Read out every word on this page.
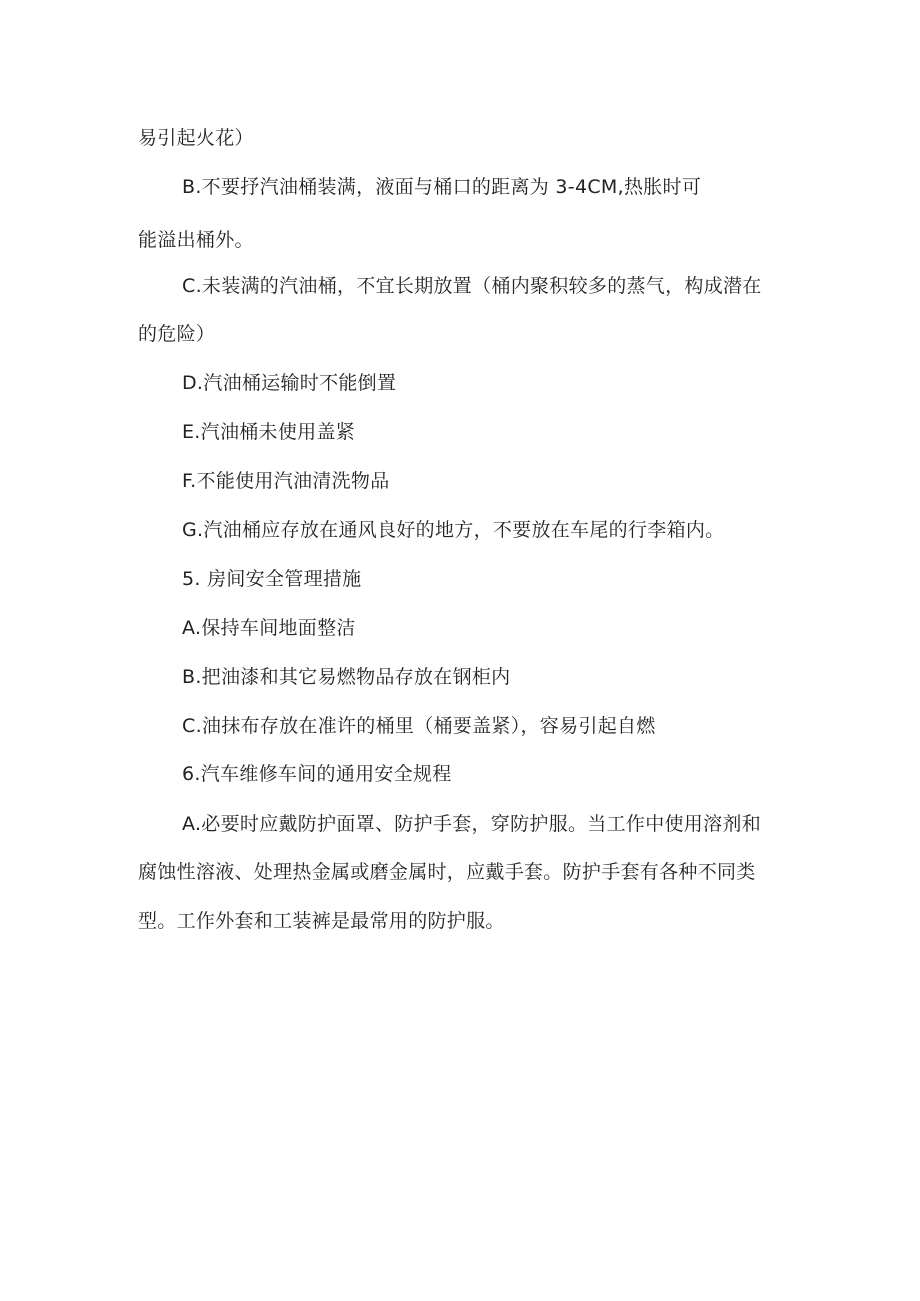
易引起火花）
B.不要抒汽油桶装满，液面与桶口的距离为 3-4CM,热胀时可
能溢出桶外。
C.未装满的汽油桶，不宜长期放置（桶内聚积较多的蒸气，构成潜在
的危险）
D.汽油桶运输时不能倒置
E.汽油桶未使用盖紧
F.不能使用汽油清洗物品
G.汽油桶应存放在通风良好的地方，不要放在车尾的行李箱内。
5. 房间安全管理措施
A.保持车间地面整洁
B.把油漆和其它易燃物品存放在钢柜内
C.油抹布存放在准许的桶里（桶要盖紧），容易引起自燃
6.汽车维修车间的通用安全规程
A.必要时应戴防护面罩、防护手套，穿防护服。当工作中使用溶剂和
腐蚀性溶液、处理热金属或磨金属时，应戴手套。防护手套有各种不同类
型。工作外套和工装裤是最常用的防护服。
